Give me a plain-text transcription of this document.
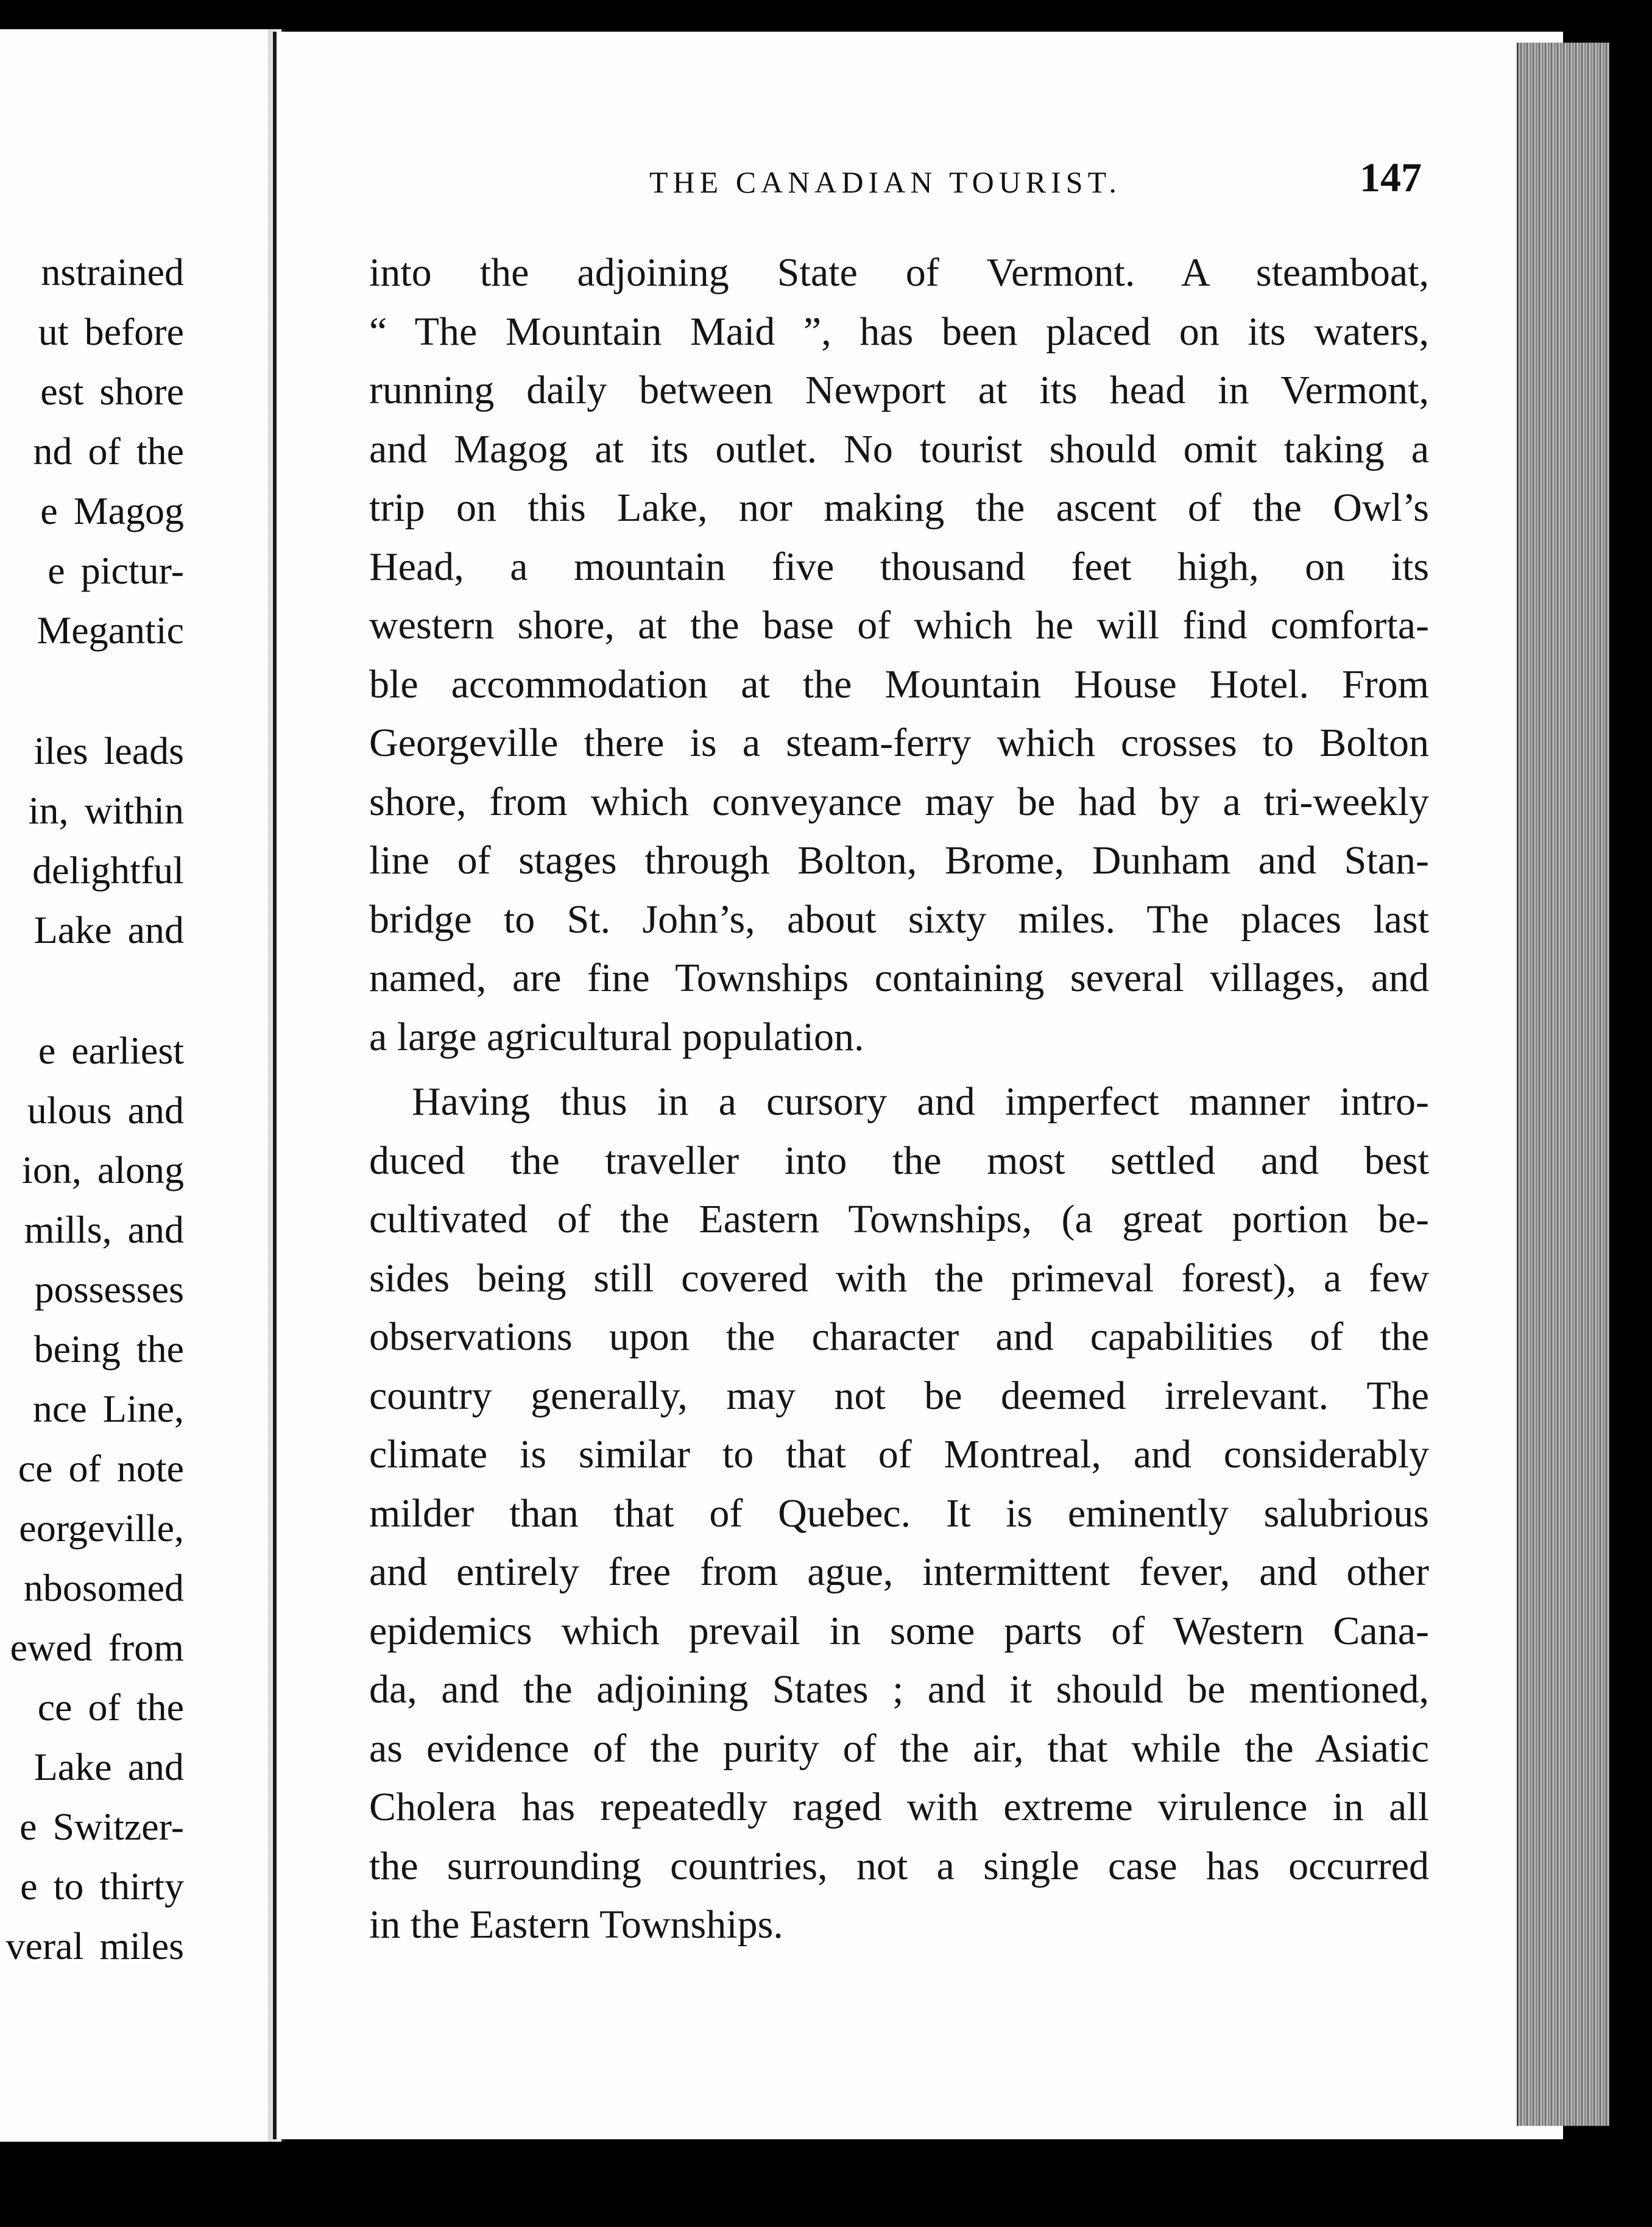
nstrained
ut before
est shore
nd of the
e Magog
e pictur-
Megantic
iles leads
in, within
delightful
Lake and
e earliest
ulous and
ion, along
mills, and
possesses
being the
nce Line,
ce of note
eorgeville,
nbosomed
ewed from
ce of the
Lake and
e Switzer-
e to thirty
veral miles
THE CANADIAN TOURIST.	147
into the adjoining State of Vermont. A steamboat,
“ The Mountain Maid ”, has been placed on its waters,
running daily between Newport at its head in Vermont,
and Magog at its outlet. No tourist should omit taking a
trip on this Lake, nor making the ascent of the Owl’s
Head, a mountain five thousand feet high, on its
western shore, at the base of which he will find comforta-
ble accommodation at the Mountain House Hotel. From
Georgeville there is a steam-ferry which crosses to Bolton
shore, from which conveyance may be had by a tri-weekly
line of stages through Bolton, Brome, Dunham and Stan-
bridge to St. John’s, about sixty miles. The places last
named, are fine Townships containing several villages, and
a large agricultural population.
Having thus in a cursory and imperfect manner intro-
duced the traveller into the most settled and best
cultivated of the Eastern Townships, (a great portion be-
sides being still covered with the primeval forest), a few
observations upon the character and capabilities of the
country generally, may not be deemed irrelevant. The
climate is similar to that of Montreal, and considerably
milder than that of Quebec. It is eminently salubrious
and entirely free from ague, intermittent fever, and other
epidemics which prevail in some parts of Western Cana-
da, and the adjoining States ; and it should be mentioned,
as evidence of the purity of the air, that while the Asiatic
Cholera has repeatedly raged with extreme virulence in all
the surrounding countries, not a single case has occurred
in the Eastern Townships.
